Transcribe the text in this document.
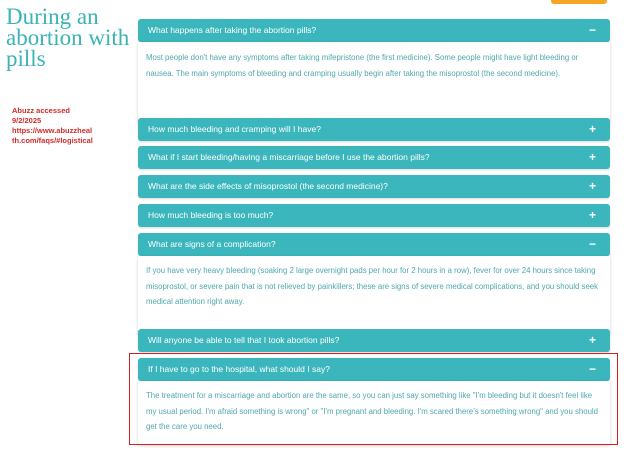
During an
abortion with
pills
Abuzz accessed
9/2/2025
https://www.abuzzheal
th.com/faqs/#logistical
What happens after taking the abortion pills?	−

Most people don't have any symptoms after taking mifepristone (the first medicine). Some people might have light bleeding or nausea. The main symptoms of bleeding and cramping usually begin after taking the misoprostol (the second medicine).

How much bleeding and cramping will I have?	+
What if I start bleeding/having a miscarriage before I use the abortion pills?	+
What are the side effects of misoprostol (the second medicine)?	+
How much bleeding is too much?	+
What are signs of a complication?	−

If you have very heavy bleeding (soaking 2 large overnight pads per hour for 2 hours in a row), fever for over 24 hours since taking misoprostol, or severe pain that is not relieved by painkillers; these are signs of severe medical complications, and you should seek medical attention right away.

Will anyone be able to tell that I took abortion pills?	+
If I have to go to the hospital, what should I say?	−

The treatment for a miscarriage and abortion are the same, so you can just say something like "I'm bleeding but it doesn't feel like my usual period. I'm afraid something is wrong" or "I'm pregnant and bleeding. I'm scared there's something wrong" and you should get the care you need.
